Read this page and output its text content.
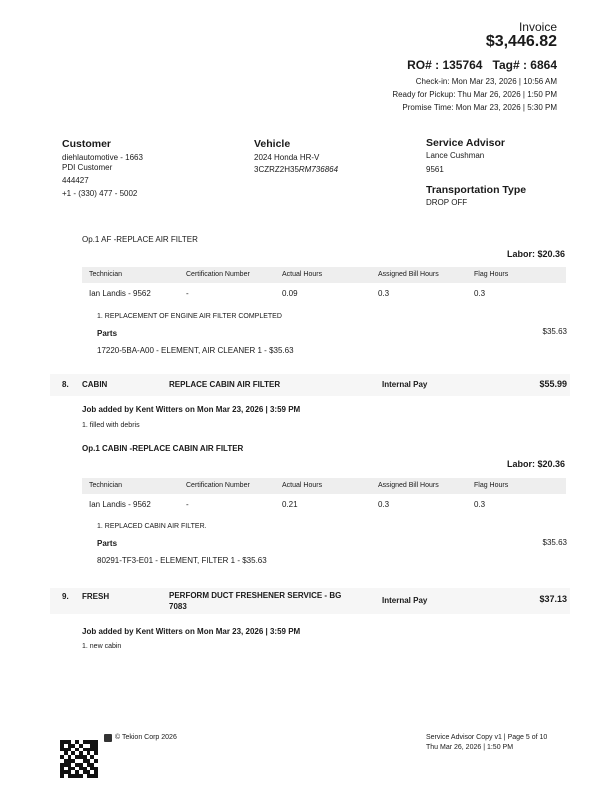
Invoice
$3,446.82
RO# : 135764 Tag# : 6864
Check-in: Mon Mar 23, 2026 | 10:56 AM
Ready for Pickup: Thu Mar 26, 2026 | 1:50 PM
Promise Time: Mon Mar 23, 2026 | 5:30 PM
Customer
diehlautomotive - 1663
PDI Customer
444427
+1 - (330) 477 - 5002
Vehicle
2024 Honda HR-V
3CZRZ2H35RM736864
Service Advisor
Lance Cushman
9561
Transportation Type
DROP OFF
Op.1 AF -REPLACE AIR FILTER
Labor: $20.36
Technician	Certification Number	Actual Hours	Assigned Bill Hours	Flag Hours
Ian Landis - 9562	-	0.09	0.3	0.3
1. REPLACEMENT OF ENGINE AIR FILTER COMPLETED
Parts	$35.63
17220-5BA-A00 - ELEMENT, AIR CLEANER 1 - $35.63
8. CABIN	REPLACE CABIN AIR FILTER	Internal Pay	$55.99
Job added by Kent Witters on Mon Mar 23, 2026 | 3:59 PM
1. filled with debris
Op.1 CABIN -REPLACE CABIN AIR FILTER
Labor: $20.36
Technician	Certification Number	Actual Hours	Assigned Bill Hours	Flag Hours
Ian Landis - 9562	-	0.21	0.3	0.3
1. REPLACED CABIN AIR FILTER.
Parts	$35.63
80291-TF3-E01 - ELEMENT, FILTER 1 - $35.63
9. FRESH	PERFORM DUCT FRESHENER SERVICE - BG
7083
Internal Pay	$37.13
Job added by Kent Witters on Mon Mar 23, 2026 | 3:59 PM
1. new cabin
© Tekion Corp 2026	Service Advisor Copy v1 | Page 5 of 10
Thu Mar 26, 2026 | 1:50 PM
